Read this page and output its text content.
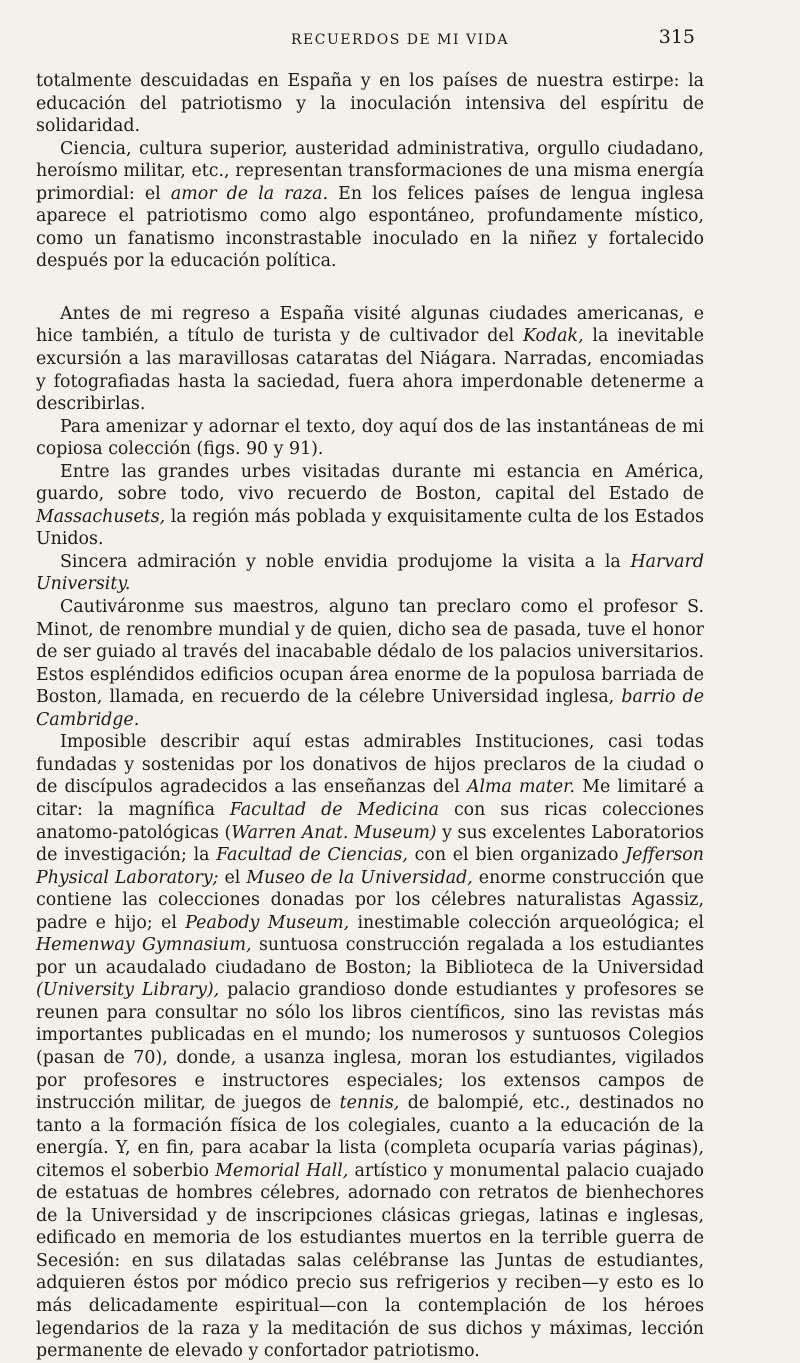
RECUERDOS DE MI VIDA	315

totalmente descuidadas en España y en los países de nuestra estirpe: la educación del patriotismo y la inoculación intensiva del espíritu de solidaridad.

Ciencia, cultura superior, austeridad administrativa, orgullo ciudadano, heroísmo militar, etc., representan transformaciones de una misma energía primordial: el amor de la raza. En los felices países de lengua inglesa aparece el patriotismo como algo espontáneo, profundamente místico, como un fanatismo inconstrastable inoculado en la niñez y fortalecido después por la educación política.

Antes de mi regreso a España visité algunas ciudades americanas, e hice también, a título de turista y de cultivador del Kodak, la inevitable excursión a las maravillosas cataratas del Niágara. Narradas, encomiadas y fotografiadas hasta la saciedad, fuera ahora imperdonable detenerme a describirlas.

Para amenizar y adornar el texto, doy aquí dos de las instantáneas de mi copiosa colección (figs. 90 y 91).

Entre las grandes urbes visitadas durante mi estancia en América, guardo, sobre todo, vivo recuerdo de Boston, capital del Estado de Massachusets, la región más poblada y exquisitamente culta de los Estados Unidos.

Sincera admiración y noble envidia produjome la visita a la Harvard University.

Cautiváronme sus maestros, alguno tan preclaro como el profesor S. Minot, de renombre mundial y de quien, dicho sea de pasada, tuve el honor de ser guiado al través del inacabable dédalo de los palacios universitarios. Estos espléndidos edificios ocupan área enorme de la populosa barriada de Boston, llamada, en recuerdo de la célebre Universidad inglesa, barrio de Cambridge.

Imposible describir aquí estas admirables Instituciones, casi todas fundadas y sostenidas por los donativos de hijos preclaros de la ciudad o de discípulos agradecidos a las enseñanzas del Alma mater. Me limitaré a citar: la magnífica Facultad de Medicina con sus ricas colecciones anatomo-patológicas (Warren Anat. Museum) y sus excelentes Laboratorios de investigación; la Facultad de Ciencias, con el bien organizado Jefferson Physical Laboratory; el Museo de la Universidad, enorme construcción que contiene las colecciones donadas por los célebres naturalistas Agassiz, padre e hijo; el Peabody Museum, inestimable colección arqueológica; el Hemenway Gymnasium, suntuosa construcción regalada a los estudiantes por un acaudalado ciudadano de Boston; la Biblioteca de la Universidad (University Library), palacio grandioso donde estudiantes y profesores se reunen para consultar no sólo los libros científicos, sino las revistas más importantes publicadas en el mundo; los numerosos y suntuosos Colegios (pasan de 70), donde, a usanza inglesa, moran los estudiantes, vigilados por profesores e instructores especiales; los extensos campos de instrucción militar, de juegos de tennis, de balompié, etc., destinados no tanto a la formación física de los colegiales, cuanto a la educación de la energía. Y, en fin, para acabar la lista (completa ocuparía varias páginas), citemos el soberbio Memorial Hall, artístico y monumental palacio cuajado de estatuas de hombres célebres, adornado con retratos de bienhechores de la Universidad y de inscripciones clásicas griegas, latinas e inglesas, edificado en memoria de los estudiantes muertos en la terrible guerra de Secesión: en sus dilatadas salas celébranse las Juntas de estudiantes, adquieren éstos por módico precio sus refrigerios y reciben—y esto es lo más delicadamente espiritual—con la contemplación de los héroes legendarios de la raza y la meditación de sus dichos y máximas, lección permanente de elevado y confortador patriotismo.
